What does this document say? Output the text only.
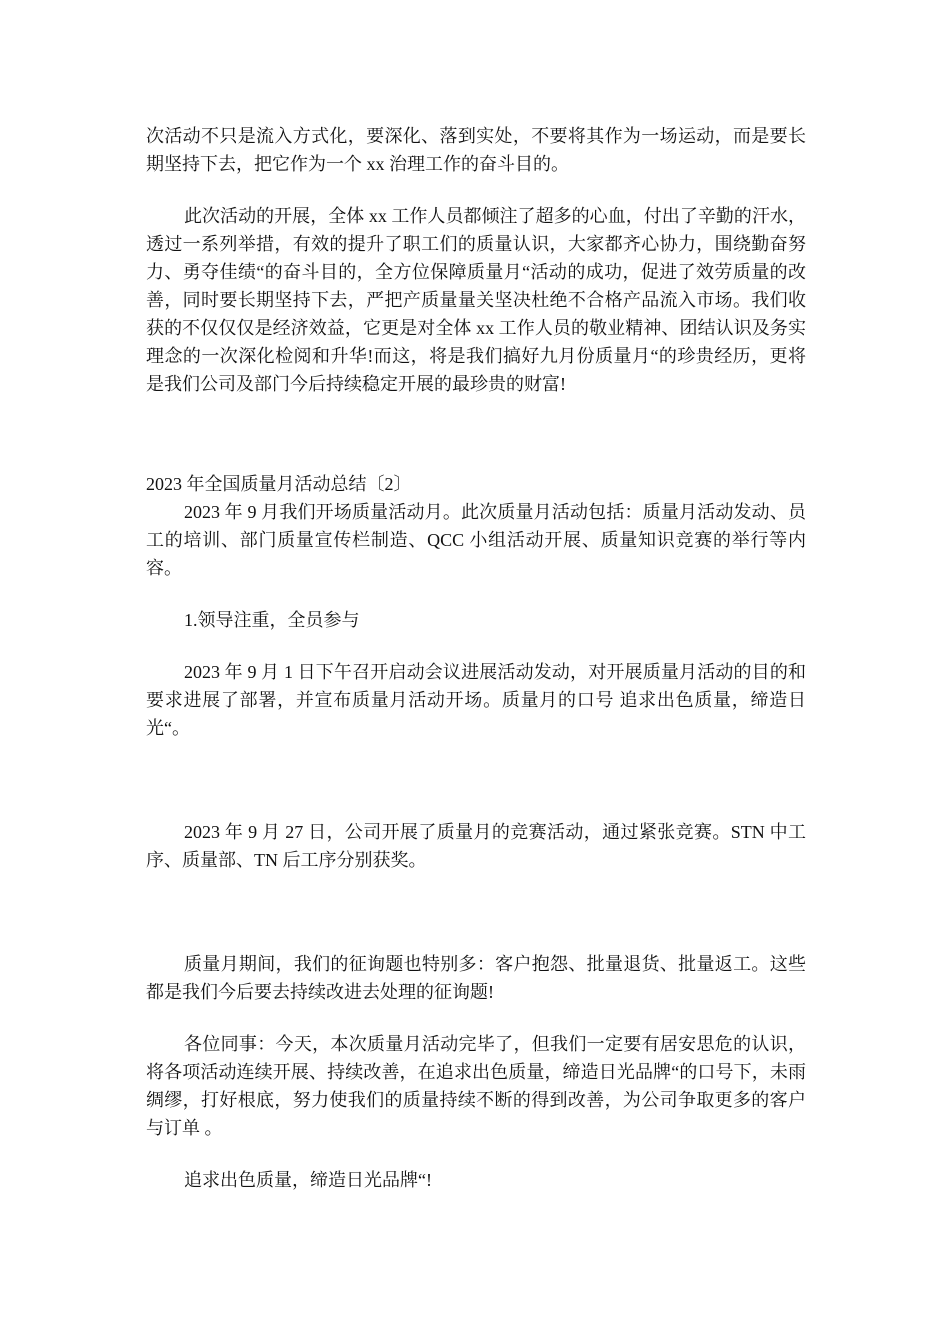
次活动不只是流入方式化，要深化、落到实处，不要将其作为一场运动，而是要长期坚持下去，把它作为一个 xx 治理工作的奋斗目的。

此次活动的开展，全体 xx 工作人员都倾注了超多的心血，付出了辛勤的汗水，透过一系列举措，有效的提升了职工们的质量认识，大家都齐心协力，围绕勤奋努力、勇夺佳绩“的奋斗目的，全方位保障质量月“活动的成功，促进了效劳质量的改善，同时要长期坚持下去，严把产质量量关坚决杜绝不合格产品流入市场。我们收获的不仅仅仅是经济效益，它更是对全体 xx 工作人员的敬业精神、团结认识及务实理念的一次深化检阅和升华!而这，将是我们搞好九月份质量月“的珍贵经历，更将是我们公司及部门今后持续稳定开展的最珍贵的财富!

2023 年全国质量月活动总结〔2〕

2023 年 9 月我们开场质量活动月。此次质量月活动包括：质量月活动发动、员工的培训、部门质量宣传栏制造、QCC 小组活动开展、质量知识竞赛的举行等内容。

1.领导注重，全员参与

2023 年 9 月 1 日下午召开启动会议进展活动发动，对开展质量月活动的目的和要求进展了部署，并宣布质量月活动开场。质量月的口号 追求出色质量，缔造日光“。

2023 年 9 月 27 日，公司开展了质量月的竞赛活动，通过紧张竞赛。STN 中工序、质量部、TN 后工序分别获奖。

质量月期间，我们的征询题也特别多：客户抱怨、批量退货、批量返工。这些都是我们今后要去持续改进去处理的征询题!

各位同事：今天，本次质量月活动完毕了，但我们一定要有居安思危的认识，将各项活动连续开展、持续改善，在追求出色质量，缔造日光品牌“的口号下，未雨绸缪，打好根底，努力使我们的质量持续不断的得到改善，为公司争取更多的客户与订单 。

追求出色质量，缔造日光品牌“!
